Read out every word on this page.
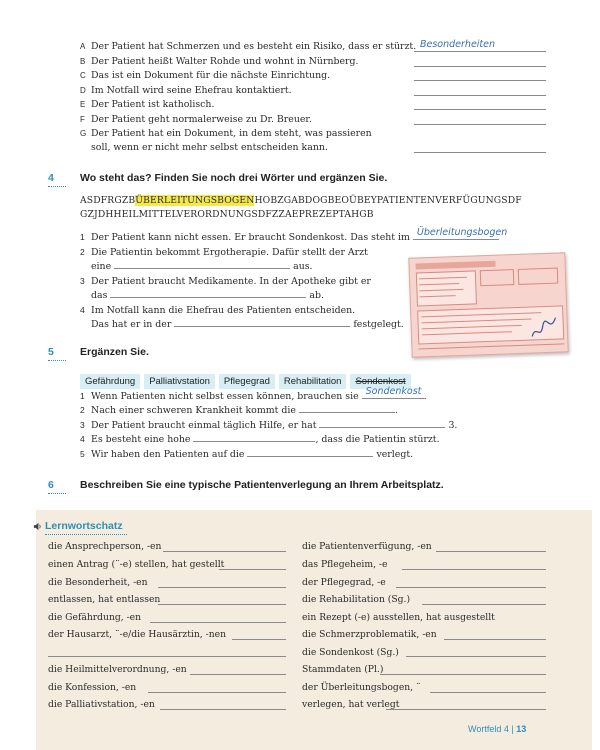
A Der Patient hat Schmerzen und es besteht ein Risiko, dass er stürzt.
B Der Patient heißt Walter Rohde und wohnt in Nürnberg.
C Das ist ein Dokument für die nächste Einrichtung.
D Im Notfall wird seine Ehefrau kontaktiert.
E Der Patient ist katholisch.
F Der Patient geht normalerweise zu Dr. Breuer.
G Der Patient hat ein Dokument, in dem steht, was passieren
soll, wenn er nicht mehr selbst entscheiden kann.
Besonderheiten
4 Wo steht das? Finden Sie noch drei Wörter und ergänzen Sie.
ASDFRGZBÜBERLEITUNGSBOGENHOBZGABDOGBEOÜBEYPATIENTENVERFÜGUNGSDF
GZJDHHEILMITTELVERORDNUNGSDFZZAEPREZEPTAHGB
1 Der Patient kann nicht essen. Er braucht Sondenkost. Das steht im Überleitungsbogen
2 Die Patientin bekommt Ergotherapie. Dafür stellt der Arzt
eine	aus.
3 Der Patient braucht Medikamente. In der Apotheke gibt er
das	ab.
4 Im Notfall kann die Ehefrau des Patienten entscheiden.
Das hat er in der	festgelegt.
5 Ergänzen Sie.
Gefährdung Palliativstation Pflegegrad Rehabilitation Sondenkost
1 Wenn Patienten nicht selbst essen können, brauchen sie Sondenkost .
2 Nach einer schweren Krankheit kommt die	.
3 Der Patient braucht einmal täglich Hilfe, er hat	3.
4 Es besteht eine hohe	, dass die Patientin stürzt.
5 Wir haben den Patienten auf die	verlegt.
6 Beschreiben Sie eine typische Patientenverlegung an Ihrem Arbeitsplatz.
Lernwortschatz
die Ansprechperson, -en
einen Antrag (¨-e) stellen, hat gestellt
die Besonderheit, -en
entlassen, hat entlassen
die Gefährdung, -en
der Hausarzt, ¨-e/die Hausärztin, -nen
die Heilmittelverordnung, -en
die Konfession, -en
die Palliativstation, -en
die Patientenverfügung, -en
das Pflegeheim, -e
der Pflegegrad, -e
die Rehabilitation (Sg.)
ein Rezept (-e) ausstellen, hat ausgestellt
die Schmerzproblematik, -en
die Sondenkost (Sg.)
Stammdaten (Pl.)
der Überleitungsbogen, ¨
verlegen, hat verlegt
Wortfeld 4 | 13
